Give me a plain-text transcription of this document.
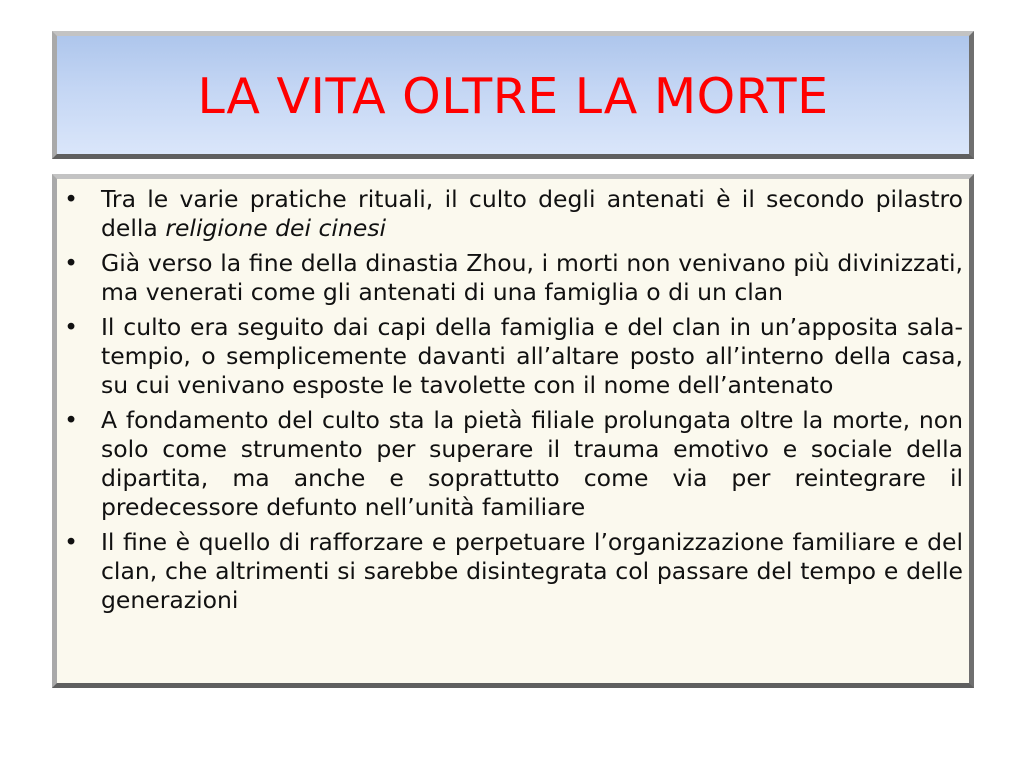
LA VITA OLTRE LA MORTE
• Tra le varie pratiche rituali, il culto degli antenati è il secondo pilastro della religione dei cinesi
• Già verso la fine della dinastia Zhou, i morti non venivano più divinizzati, ma venerati come gli antenati di una famiglia o di un clan
• Il culto era seguito dai capi della famiglia e del clan in un’apposita sala-tempio, o semplicemente davanti all’altare posto all’interno della casa, su cui venivano esposte le tavolette con il nome dell’antenato
• A fondamento del culto sta la pietà filiale prolungata oltre la morte, non solo come strumento per superare il trauma emotivo e sociale della dipartita, ma anche e soprattutto come via per reintegrare il predecessore defunto nell’unità familiare
• Il fine è quello di rafforzare e perpetuare l’organizzazione familiare e del clan, che altrimenti si sarebbe disintegrata col passare del tempo e delle generazioni
